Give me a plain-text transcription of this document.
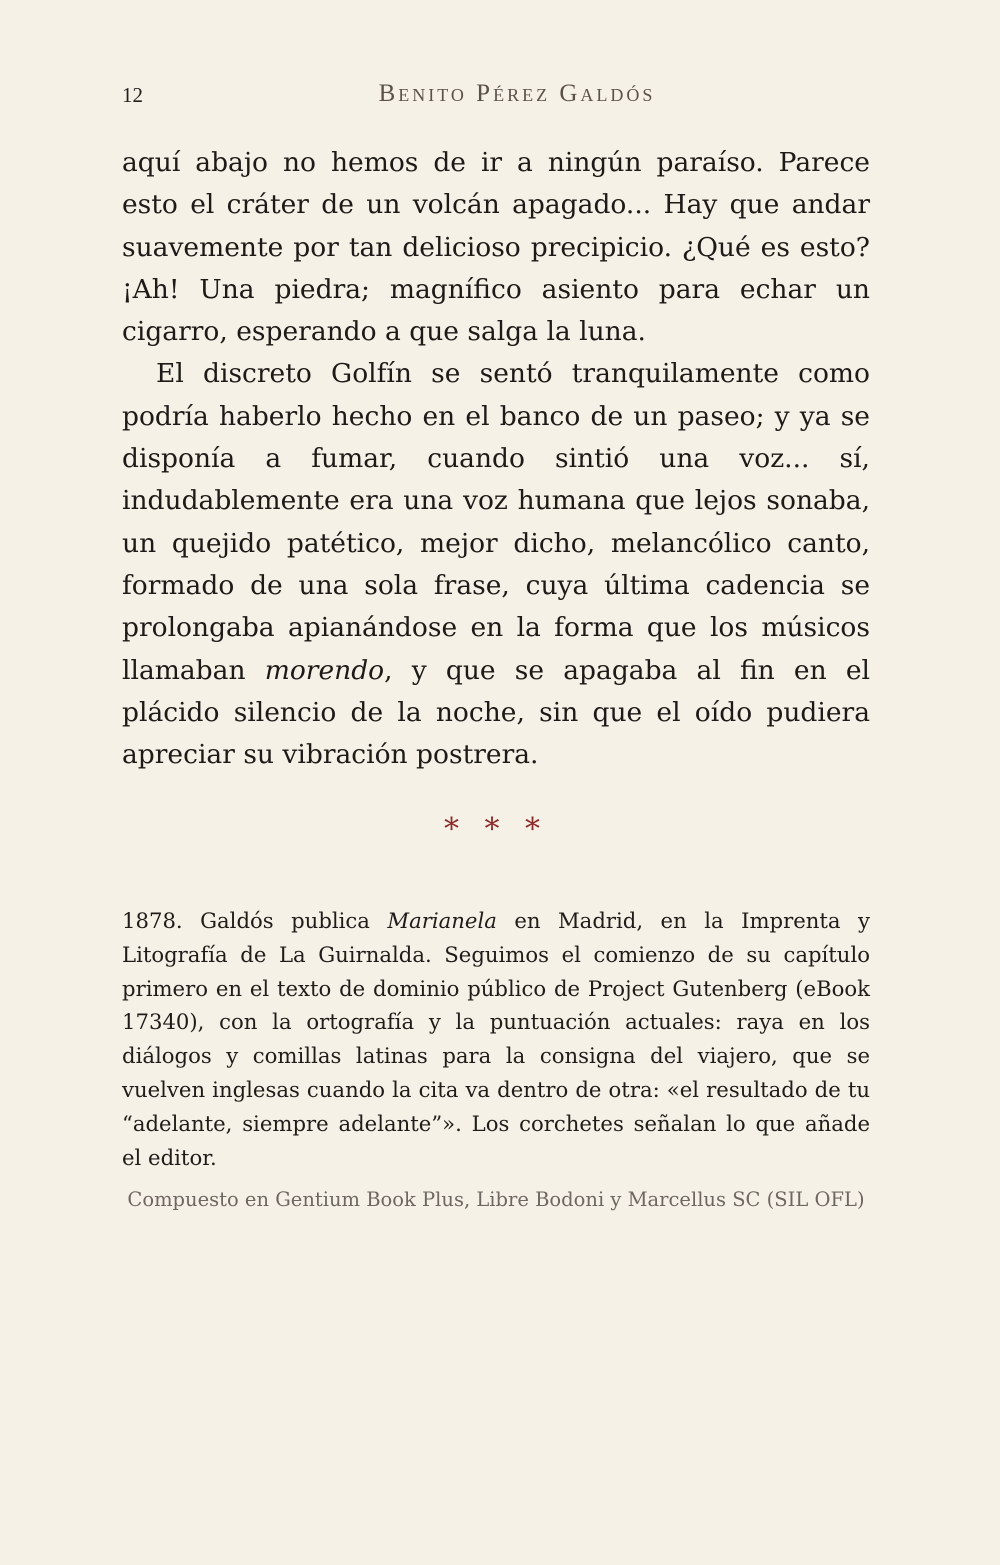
12	Benito Pérez Galdós

aquí abajo no hemos de ir a ningún paraíso. Parece esto el cráter de un volcán apagado... Hay que andar suavemente por tan delicioso precipicio. ¿Qué es esto? ¡Ah! Una piedra; magnífico asiento para echar un cigarro, esperando a que salga la luna.

El discreto Golfín se sentó tranquilamente como podría haberlo hecho en el banco de un paseo; y ya se disponía a fumar, cuando sintió una voz... sí, indudablemente era una voz humana que lejos sonaba, un quejido patético, mejor dicho, melancólico canto, formado de una sola frase, cuya última cadencia se prolongaba apianándose en la forma que los músicos llamaban morendo, y que se apagaba al fin en el plácido silencio de la noche, sin que el oído pudiera apreciar su vibración postrera.

* * *

1878. Galdós publica Marianela en Madrid, en la Imprenta y Litografía de La Guirnalda. Seguimos el comienzo de su capítulo primero en el texto de dominio público de Project Gutenberg (eBook 17340), con la ortografía y la puntuación actuales: raya en los diálogos y comillas latinas para la consigna del viajero, que se vuelven inglesas cuando la cita va dentro de otra: «el resultado de tu “adelante, siempre adelante”». Los corchetes señalan lo que añade el editor.

Compuesto en Gentium Book Plus, Libre Bodoni y Marcellus SC (SIL OFL)
